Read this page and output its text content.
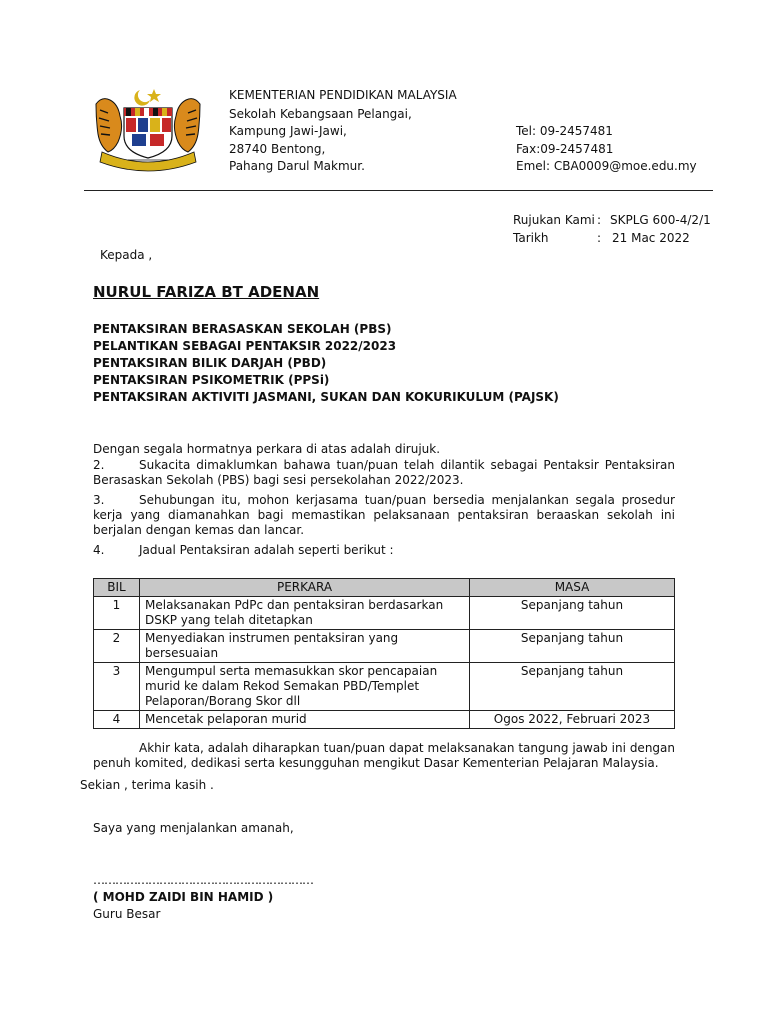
KEMENTERIAN PENDIDIKAN MALAYSIA
Sekolah Kebangsaan Pelangai,
Kampung Jawi-Jawi,
28740 Bentong,
Pahang Darul Makmur.
Tel: 09-2457481
Fax:09-2457481
Emel: CBA0009@moe.edu.my
Rujukan Kami : SKPLG 600-4/2/1
Tarikh	: 21 Mac 2022
Kepada ,
NURUL FARIZA BT ADENAN
PENTAKSIRAN BERASASKAN SEKOLAH (PBS)
PELANTIKAN SEBAGAI PENTAKSIR 2022/2023
PENTAKSIRAN BILIK DARJAH (PBD)
PENTAKSIRAN PSIKOMETRIK (PPSi)
PENTAKSIRAN AKTIVITI JASMANI, SUKAN DAN KOKURIKULUM (PAJSK)
Dengan segala hormatnya perkara di atas adalah dirujuk.
2.	Sukacita dimaklumkan bahawa tuan/puan telah dilantik sebagai Pentaksir Pentaksiran Berasaskan Sekolah (PBS) bagi sesi persekolahan 2022/2023.
3.	Sehubungan itu, mohon kerjasama tuan/puan bersedia menjalankan segala prosedur kerja yang diamanahkan bagi memastikan pelaksanaan pentaksiran beraaskan sekolah ini berjalan dengan kemas dan lancar.
4.	Jadual Pentaksiran adalah seperti berikut :
BIL	PERKARA	MASA
1	Melaksanakan PdPc dan pentaksiran berdasarkan DSKP yang telah ditetapkan	Sepanjang tahun
2	Menyediakan instrumen pentaksiran yang bersesuaian	Sepanjang tahun
3	Mengumpul serta memasukkan skor pencapaian murid ke dalam Rekod Semakan PBD/Templet Pelaporan/Borang Skor dll	Sepanjang tahun
4	Mencetak pelaporan murid	Ogos 2022, Februari 2023
Akhir kata, adalah diharapkan tuan/puan dapat melaksanakan tangung jawab ini dengan penuh komited, dedikasi serta kesungguhan mengikut Dasar Kementerian Pelajaran Malaysia.
Sekian , terima kasih .
Saya yang menjalankan amanah,
……………………………………………………
( MOHD ZAIDI BIN HAMID )
Guru Besar
